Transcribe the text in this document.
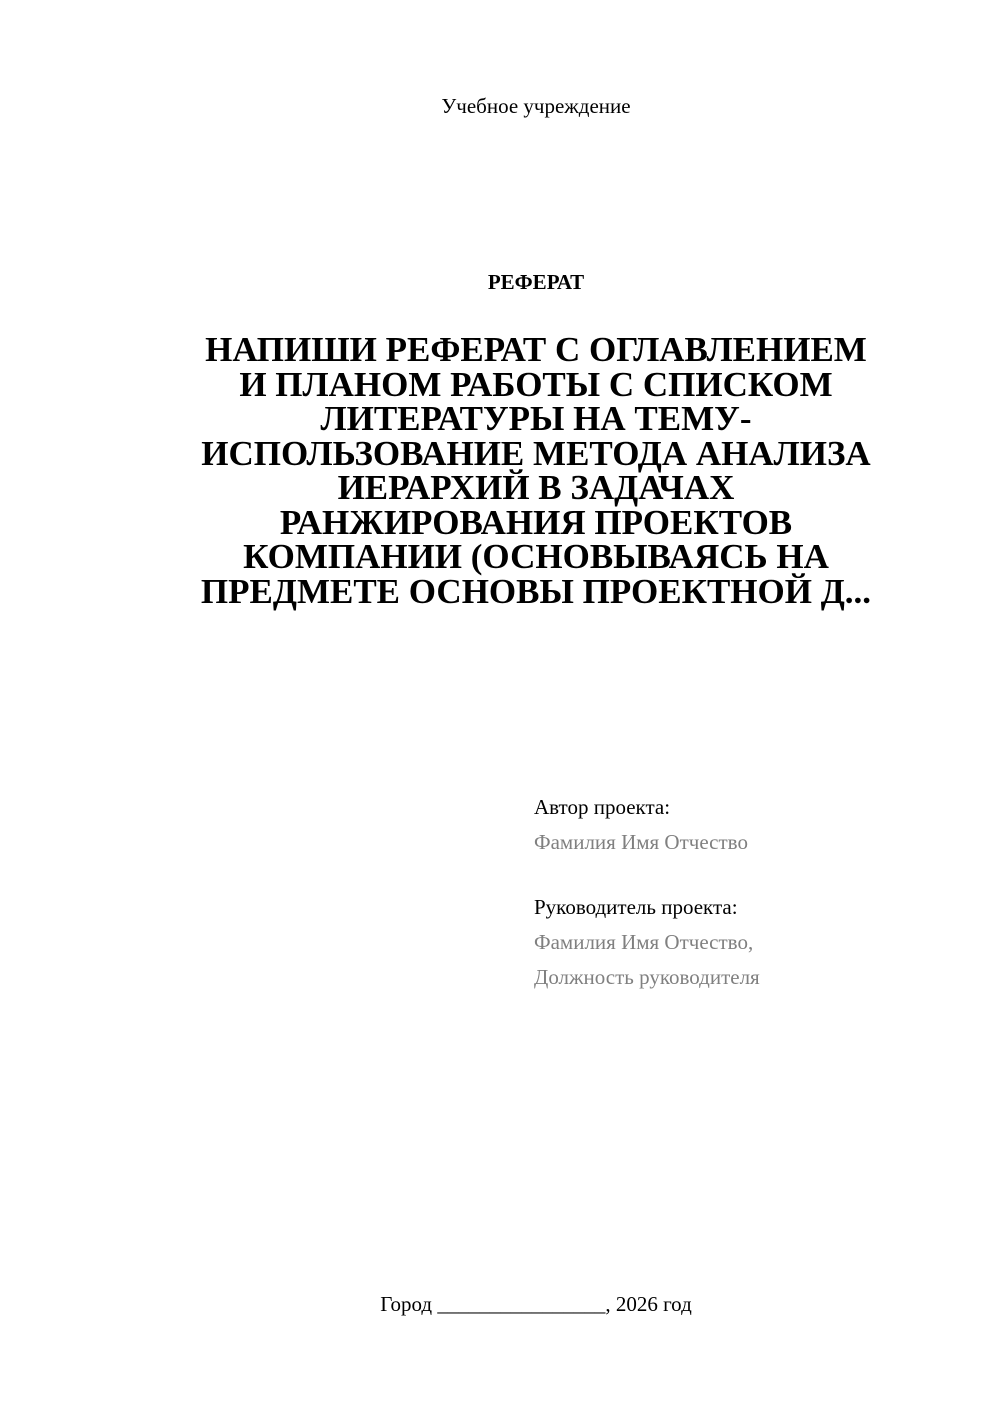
Учебное учреждение
РЕФЕРАТ
НАПИШИ РЕФЕРАТ С ОГЛАВЛЕНИЕМ
И ПЛАНОМ РАБОТЫ С СПИСКОМ
ЛИТЕРАТУРЫ НА ТЕМУ-
ИСПОЛЬЗОВАНИЕ МЕТОДА АНАЛИЗА
ИЕРАРХИЙ В ЗАДАЧАХ
РАНЖИРОВАНИЯ ПРОЕКТОВ
КОМПАНИИ (ОСНОВЫВАЯСЬ НА
ПРЕДМЕТЕ ОСНОВЫ ПРОЕКТНОЙ Д...
Автор проекта:
Фамилия Имя Отчество
Руководитель проекта:
Фамилия Имя Отчество,
Должность руководителя
Город ________________, 2026 год
